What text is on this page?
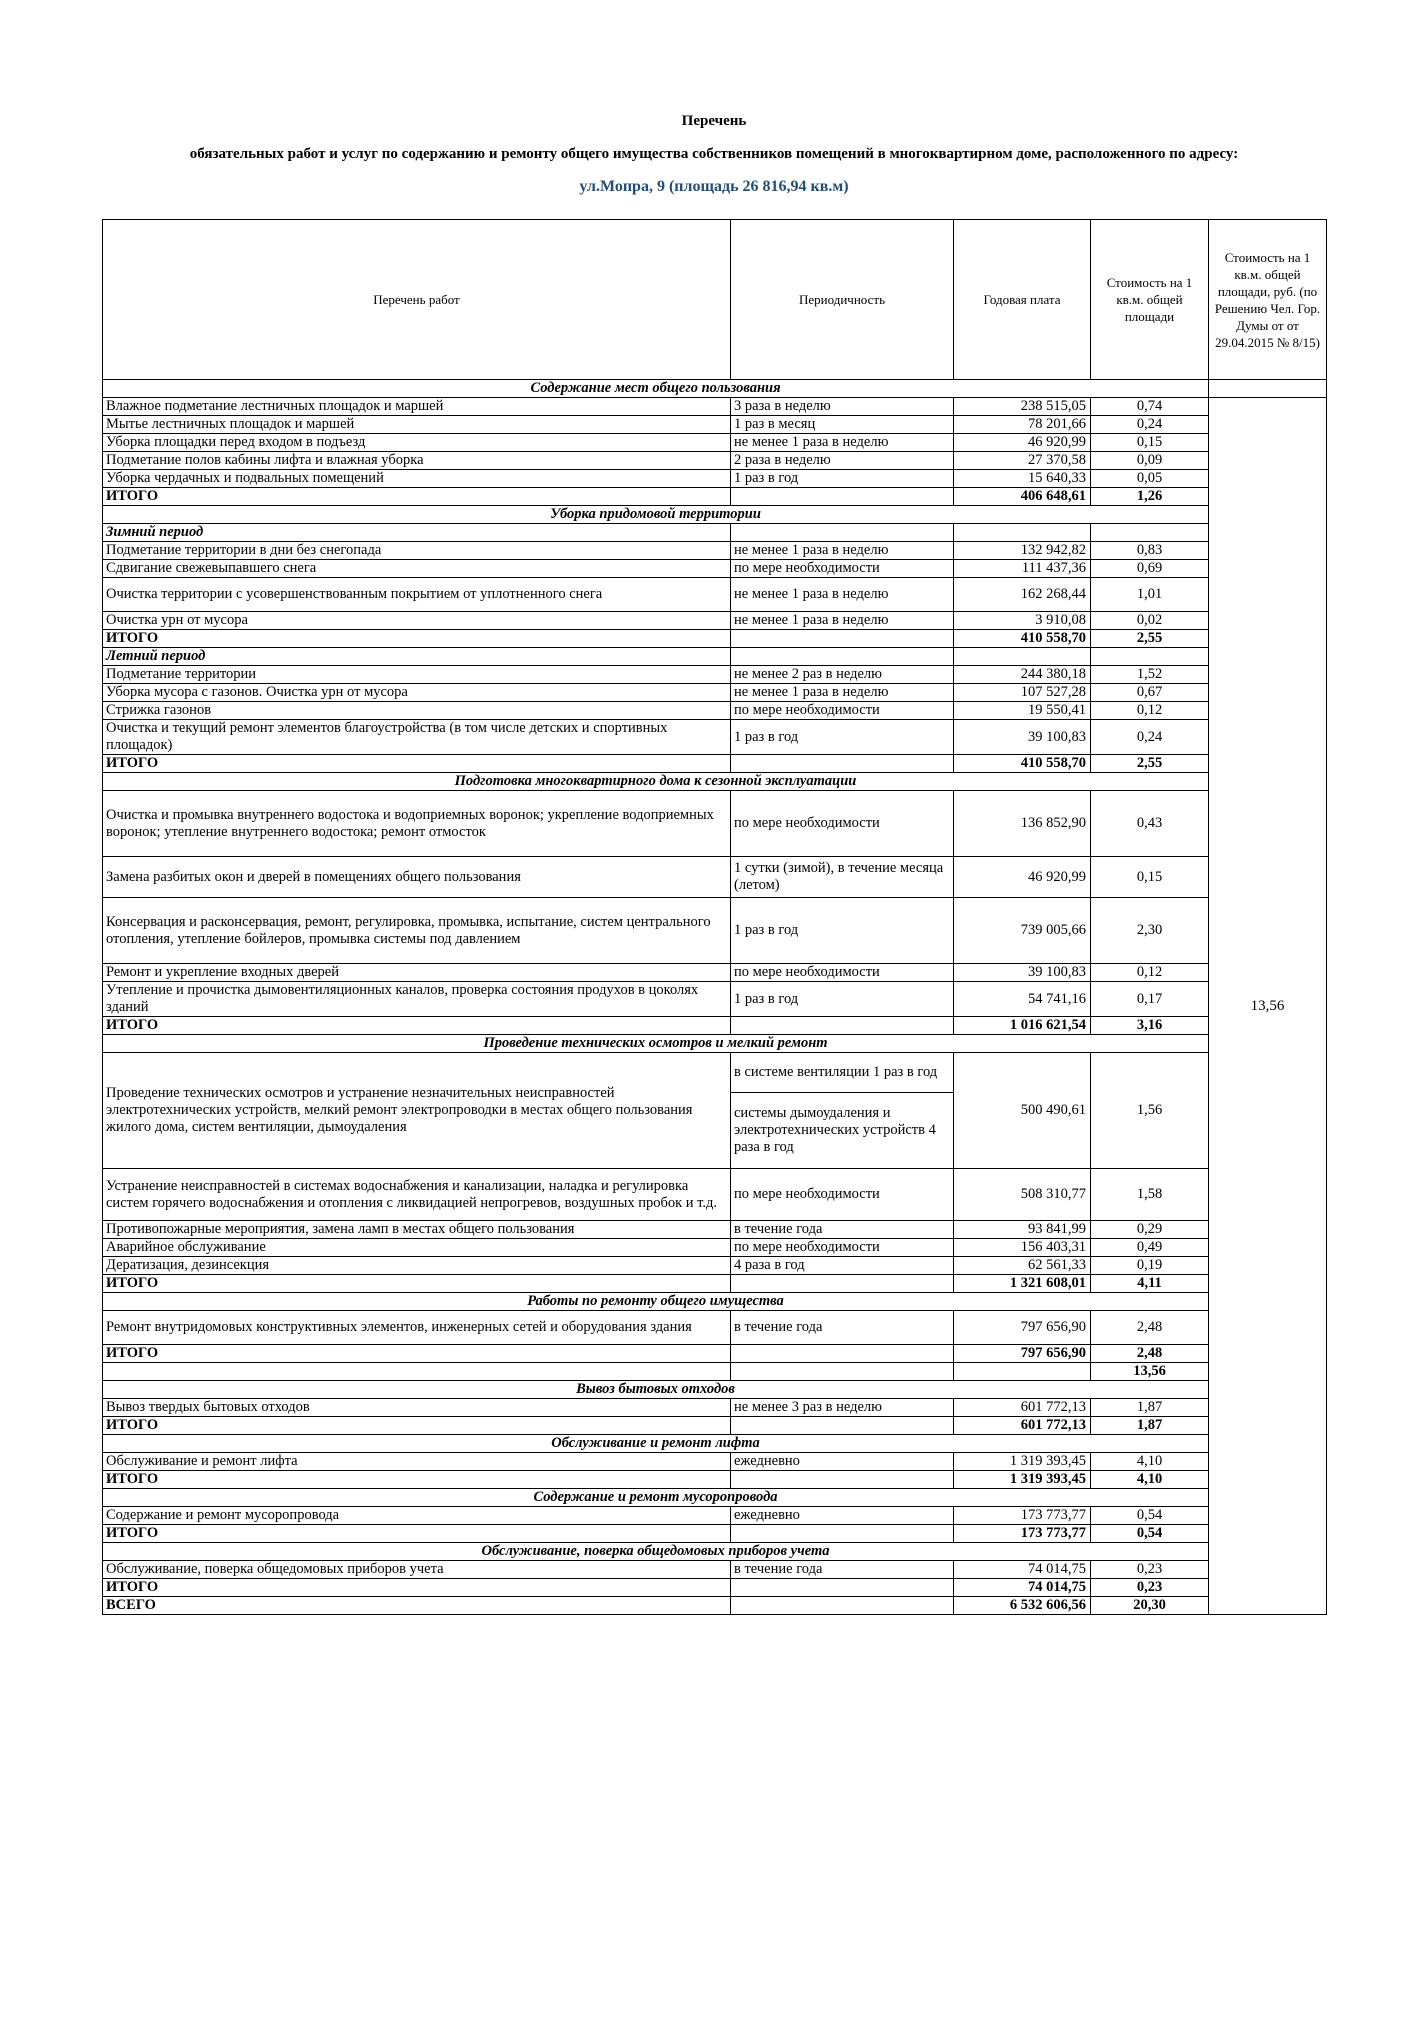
Перечень
обязательных работ и услуг по содержанию и ремонту общего имущества собственников помещений в многоквартирном доме, расположенного по адресу:
ул.Мопра, 9 (площадь 26 816,94 кв.м)
Перечень работ	Периодичность	Годовая плата	Стоимость на 1 кв.м. общей площади	Стоимость на 1 кв.м. общей площади, руб. (по Решению Чел. Гор. Думы от от 29.04.2015 № 8/15)	
Содержание мест общего пользования					
Влажное подметание лестничных площадок и маршей	3 раза в неделю	238 515,05	0,74	13,56	
Мытье лестничных площадок и маршей	1 раз в месяц	78 201,66	0,24		
Уборка площадки перед входом в подъезд	не менее 1 раза в неделю	46 920,99	0,15		
Подметание полов кабины лифта и влажная уборка	2 раза в неделю	27 370,58	0,09		
Уборка чердачных и подвальных помещений	1 раз в год	15 640,33	0,05		
ИТОГО		406 648,61	1,26		
Уборка придомовой территории					
Зимний период					
Подметание территории в дни без снегопада	не менее 1 раза в неделю	132 942,82	0,83		
Сдвигание свежевыпавшего снега	по мере необходимости	111 437,36	0,69		
Очистка территории с усовершенствованным покрытием от уплотненного снега	не менее 1 раза в неделю	162 268,44	1,01		
Очистка урн от мусора	не менее 1 раза в неделю	3 910,08	0,02		
ИТОГО		410 558,70	2,55		
Летний период					
Подметание территории	не менее 2 раз в неделю	244 380,18	1,52		
Уборка мусора с газонов. Очистка урн от мусора	не менее 1 раза в неделю	107 527,28	0,67		
Стрижка газонов	по мере необходимости	19 550,41	0,12		
Очистка и текущий ремонт элементов благоустройства (в том числе детских и спортивных площадок)	1 раз в год	39 100,83	0,24		
ИТОГО		410 558,70	2,55		
Подготовка многоквартирного дома к сезонной эксплуатации					
Очистка и промывка внутреннего водостока и водоприемных воронок; укрепление водоприемных воронок; утепление внутреннего водостока; ремонт отмосток	по мере необходимости	136 852,90	0,43		
Замена разбитых окон и дверей в помещениях общего пользования	1 сутки (зимой), в течение месяца (летом)	46 920,99	0,15		
Консервация и расконсервация, ремонт, регулировка, промывка, испытание, систем центрального отопления, утепление бойлеров, промывка системы под давлением	1 раз в год	739 005,66	2,30		
Ремонт и укрепление входных дверей	по мере необходимости	39 100,83	0,12		
Утепление и прочистка дымовентиляционных каналов, проверка состояния продухов в цоколях зданий	1 раз в год	54 741,16	0,17		
ИТОГО		1 016 621,54	3,16		
Проведение технических осмотров и мелкий ремонт					
Проведение технических осмотров и устранение незначительных неисправностей электротехнических устройств, мелкий ремонт электропроводки в местах общего пользования жилого дома, систем вентиляции, дымоудаления	в системе вентиляции 1 раз в год	500 490,61	1,56		
	системы дымоудаления и электротехнических устройств 4 раза в год				
Устранение неисправностей в системах водоснабжения и канализации, наладка и регулировка систем горячего водоснабжения и отопления с ликвидацией непрогревов, воздушных пробок и т.д.	по мере необходимости	508 310,77	1,58		
Противопожарные мероприятия, замена ламп в местах общего пользования	в течение года	93 841,99	0,29		
Аварийное обслуживание	по мере необходимости	156 403,31	0,49		
Дератизация, дезинсекция	4 раза в год	62 561,33	0,19		
ИТОГО		1 321 608,01	4,11		
Работы по ремонту общего имущества					
Ремонт внутридомовых конструктивных элементов, инженерных сетей и оборудования здания	в течение года	797 656,90	2,48		
ИТОГО		797 656,90	2,48		
			13,56		
Вывоз бытовых отходов	
Вывоз твердых бытовых отходов	не менее 3 раз в неделю	601 772,13	1,87		
ИТОГО		601 772,13	1,87		
Обслуживание и ремонт лифта	
Обслуживание и ремонт лифта	ежедневно	1 319 393,45	4,10		
ИТОГО		1 319 393,45	4,10		
Содержание и ремонт мусоропровода	
Содержание и ремонт мусоропровода	ежедневно	173 773,77	0,54		
ИТОГО		173 773,77	0,54		
Обслуживание, поверка общедомовых приборов учета	
Обслуживание, поверка общедомовых приборов учета	в течение года	74 014,75	0,23		
ИТОГО		74 014,75	0,23		
ВСЕГО		6 532 606,56	20,30	
